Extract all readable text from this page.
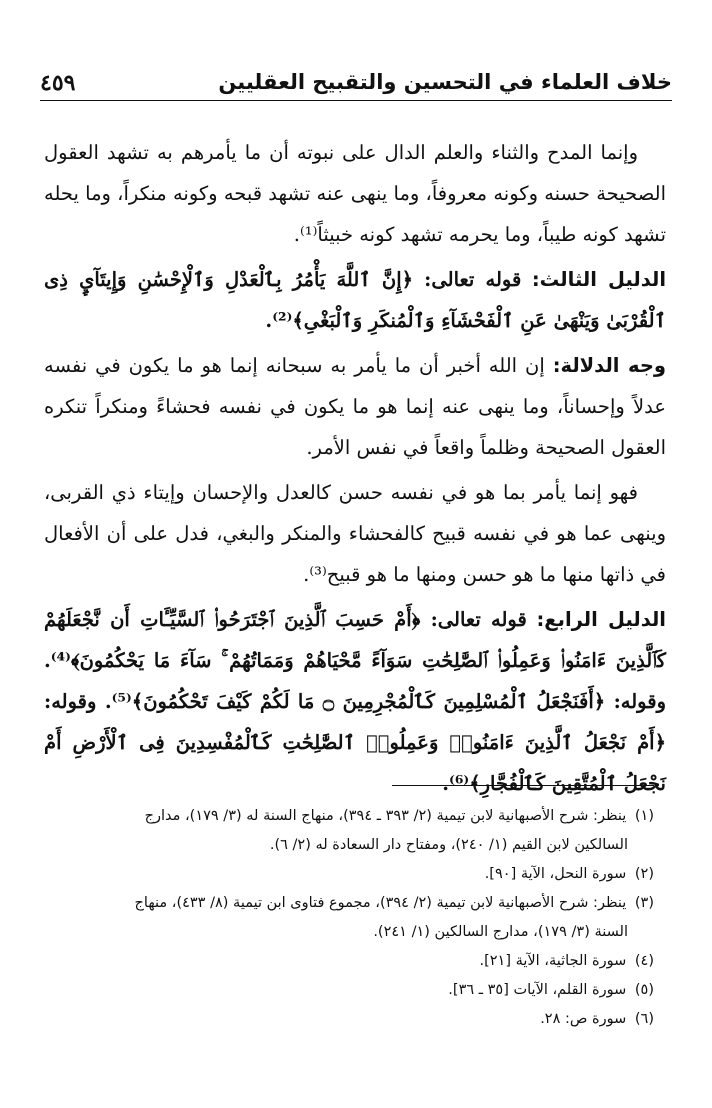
٤٥٩	خلاف العلماء في التحسين والتقبيح العقليين

وإنما المدح والثناء والعلم الدال على نبوته أن ما يأمرهم به تشهد العقول الصحيحة حسنه وكونه معروفاً، وما ينهى عنه تشهد قبحه وكونه منكراً، وما يحله تشهد كونه طيباً، وما يحرمه تشهد كونه خبيثاً⁽¹⁾.

الدليل الثالث: قوله تعالى: ﴿إِنَّ ٱللَّهَ يَأْمُرُ بِٱلْعَدْلِ وَٱلْإِحْسَٰنِ وَإِيتَآيِٕ ذِى ٱلْقُرْبَىٰ وَيَنْهَىٰ عَنِ ٱلْفَحْشَآءِ وَٱلْمُنكَرِ وَٱلْبَغْىِ﴾⁽²⁾.

وجه الدلالة: إن الله أخبر أن ما يأمر به سبحانه إنما هو ما يكون في نفسه عدلاً وإحساناً، وما ينهى عنه إنما هو ما يكون في نفسه فحشاءً ومنكراً تنكره العقول الصحيحة وظلماً واقعاً في نفس الأمر.

فهو إنما يأمر بما هو في نفسه حسن كالعدل والإحسان وإيتاء ذي القربى، وينهى عما هو في نفسه قبيح كالفحشاء والمنكر والبغي، فدل على أن الأفعال في ذاتها منها ما هو حسن ومنها ما هو قبيح⁽³⁾.

الدليل الرابع: قوله تعالى: ﴿أَمْ حَسِبَ ٱلَّذِينَ ٱجْتَرَحُوا۟ ٱلسَّيِّـَٔاتِ أَن نَّجْعَلَهُمْ كَٱلَّذِينَ ءَامَنُوا۟ وَعَمِلُوا۟ ٱلصَّٰلِحَٰتِ سَوَآءً مَّحْيَاهُمْ وَمَمَاتُهُمْ ۚ سَآءَ مَا يَحْكُمُونَ﴾⁽⁴⁾. وقوله: ﴿أَفَنَجْعَلُ ٱلْمُسْلِمِينَ كَٱلْمُجْرِمِينَ ۝ مَا لَكُمْ كَيْفَ تَحْكُمُونَ﴾⁽⁵⁾. وقوله: ﴿أَمْ نَجْعَلُ ٱلَّذِينَ ءَامَنُوا۟ وَعَمِلُوا۟ ٱلصَّٰلِحَٰتِ كَٱلْمُفْسِدِينَ فِى ٱلْأَرْضِ أَمْ نَجْعَلُ ٱلْمُتَّقِينَ كَٱلْفُجَّارِ﴾⁽⁶⁾.

(١) ينظر: شرح الأصبهانية لابن تيمية (٢/ ٣٩٣ ـ ٣٩٤)، منهاج السنة له (٣/ ١٧٩)، مدارج
السالكين لابن القيم (١/ ٢٤٠)، ومفتاح دار السعادة له (٢/ ٦).
(٢) سورة النحل، الآية [٩٠].
(٣) ينظر: شرح الأصبهانية لابن تيمية (٢/ ٣٩٤)، مجموع فتاوى ابن تيمية (٨/ ٤٣٣)، منهاج
السنة (٣/ ١٧٩)، مدارج السالكين (١/ ٢٤١).
(٤) سورة الجاثية، الآية [٢١].
(٥) سورة القلم، الآيات [٣٥ ـ ٣٦].
(٦) سورة ص: ٢٨.
